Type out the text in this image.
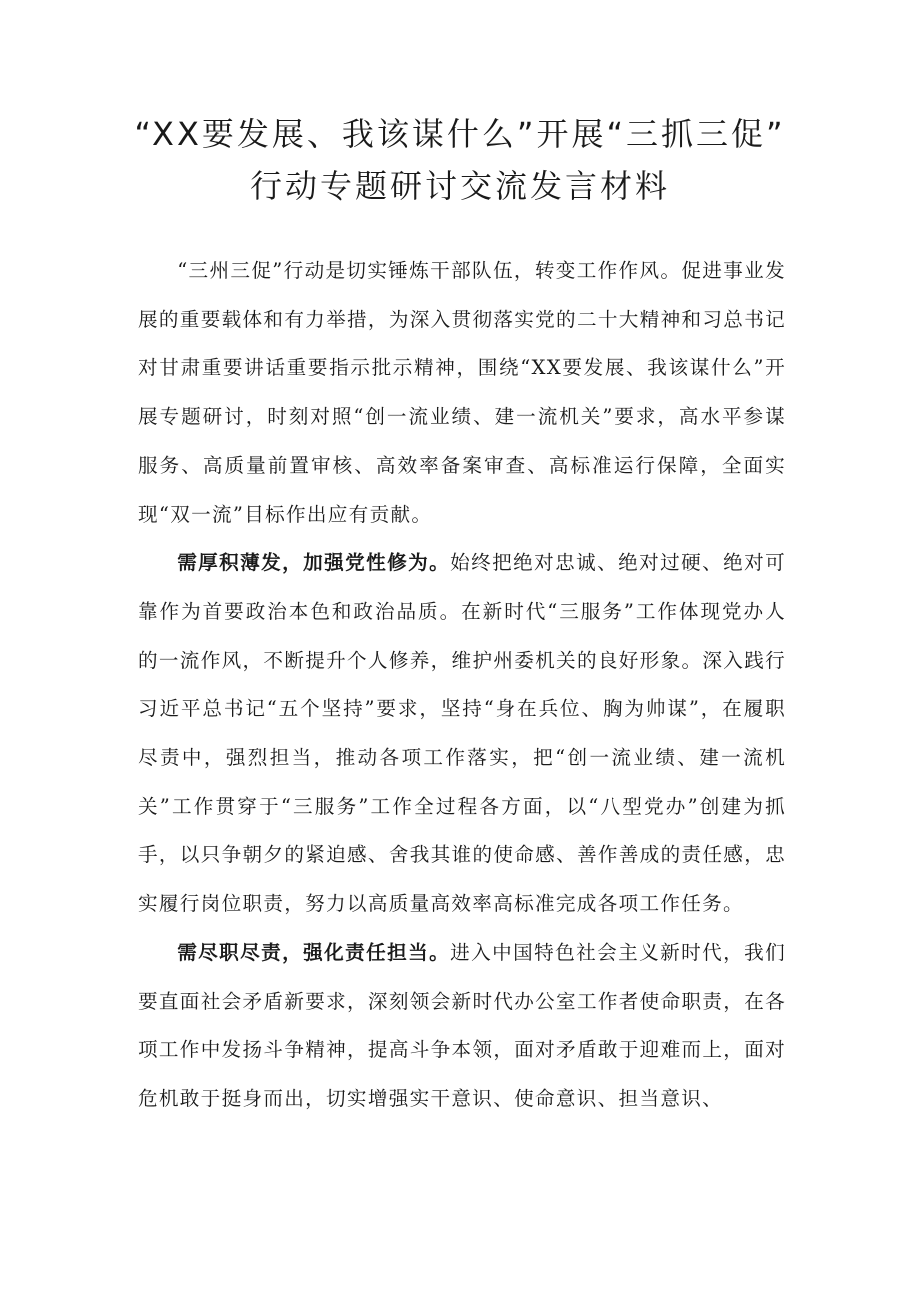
“XX要发展、我该谋什么”开展“三抓三促”
行动专题研讨交流发言材料

“三州三促”行动是切实锤炼干部队伍，转变工作作风。促进事业发展的重要载体和有力举措，为深入贯彻落实党的二十大精神和习总书记对甘肃重要讲话重要指示批示精神，围绕“XX要发展、我该谋什么”开展专题研讨，时刻对照“创一流业绩、建一流机关”要求，高水平参谋服务、高质量前置审核、高效率备案审查、高标准运行保障，全面实现“双一流”目标作出应有贡献。

需厚积薄发，加强党性修为。始终把绝对忠诚、绝对过硬、绝对可靠作为首要政治本色和政治品质。在新时代“三服务”工作体现党办人的一流作风，不断提升个人修养，维护州委机关的良好形象。深入践行习近平总书记“五个坚持”要求，坚持“身在兵位、胸为帅谋”，在履职尽责中，强烈担当，推动各项工作落实，把“创一流业绩、建一流机关”工作贯穿于“三服务”工作全过程各方面，以“八型党办”创建为抓手，以只争朝夕的紧迫感、舍我其谁的使命感、善作善成的责任感，忠实履行岗位职责，努力以高质量高效率高标准完成各项工作任务。

需尽职尽责，强化责任担当。进入中国特色社会主义新时代，我们要直面社会矛盾新要求，深刻领会新时代办公室工作者使命职责，在各项工作中发扬斗争精神，提高斗争本领，面对矛盾敢于迎难而上，面对危机敢于挺身而出，切实增强实干意识、使命意识、担当意识、
